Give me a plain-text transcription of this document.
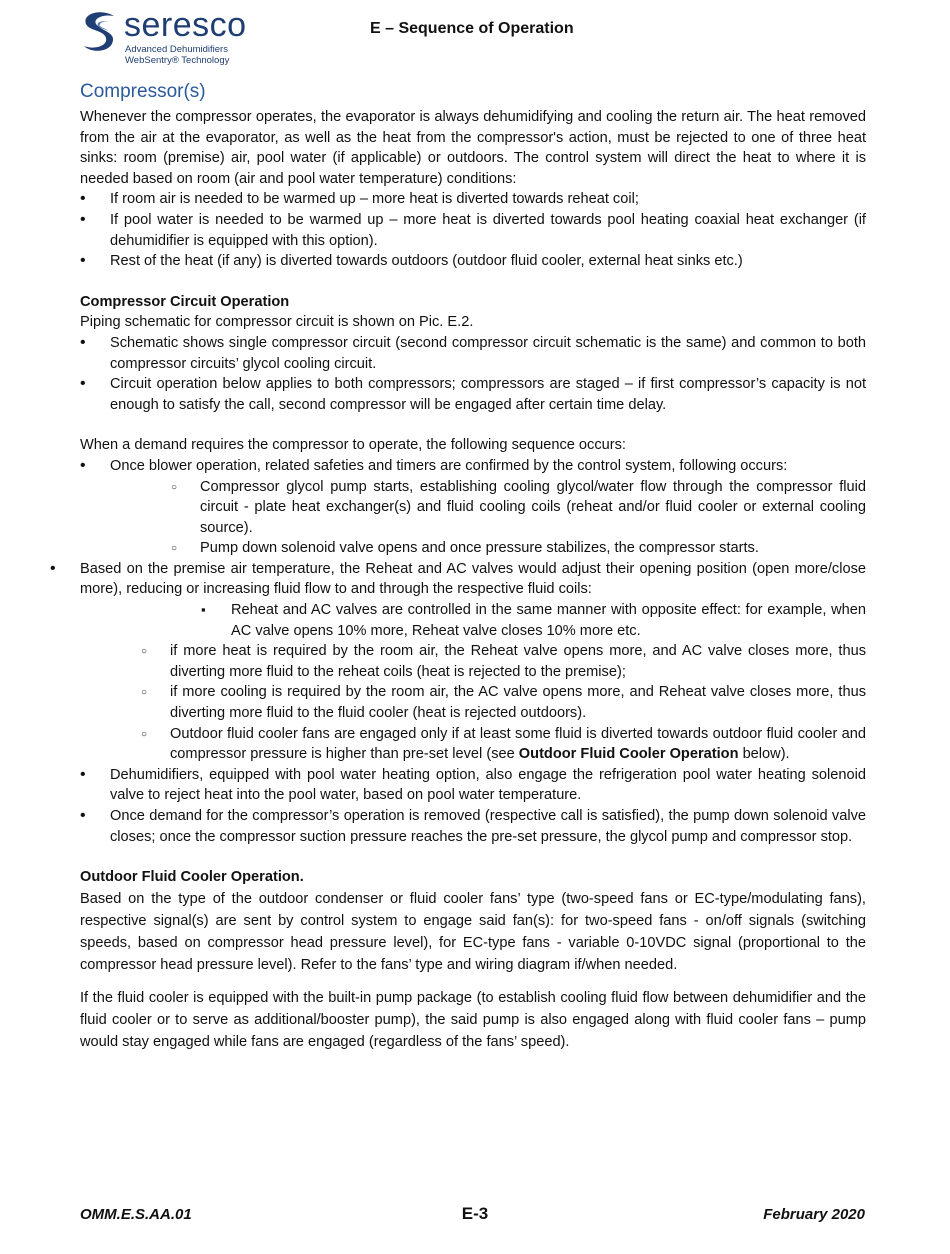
seresco
Advanced Dehumidifiers
WebSentry® Technology
E – Sequence of Operation
Compressor(s)

Whenever the compressor operates, the evaporator is always dehumidifying and cooling the return air. The heat removed from the air at the evaporator, as well as the heat from the compressor's action, must be rejected to one of three heat sinks: room (premise) air, pool water (if applicable) or outdoors. The control system will direct the heat to where it is needed based on room (air and pool water temperature) conditions:

• If room air is needed to be warmed up – more heat is diverted towards reheat coil;
• If pool water is needed to be warmed up – more heat is diverted towards pool heating coaxial heat exchanger (if dehumidifier is equipped with this option).
• Rest of the heat (if any) is diverted towards outdoors (outdoor fluid cooler, external heat sinks etc.)
Compressor Circuit Operation

Piping schematic for compressor circuit is shown on Pic. E.2.

• Schematic shows single compressor circuit (second compressor circuit schematic is the same) and common to both compressor circuits’ glycol cooling circuit.
• Circuit operation below applies to both compressors; compressors are staged – if first compressor’s capacity is not enough to satisfy the call, second compressor will be engaged after certain time delay.

When a demand requires the compressor to operate, the following sequence occurs:

• Once blower operation, related safeties and timers are confirmed by the control system, following occurs:
○ Compressor glycol pump starts, establishing cooling glycol/water flow through the compressor fluid circuit - plate heat exchanger(s) and fluid cooling coils (reheat and/or fluid cooler or external cooling source).
○ Pump down solenoid valve opens and once pressure stabilizes, the compressor starts.
• Based on the premise air temperature, the Reheat and AC valves would adjust their opening position (open more/close more), reducing or increasing fluid flow to and through the respective fluid coils:
▪ Reheat and AC valves are controlled in the same manner with opposite effect: for example, when AC valve opens 10% more, Reheat valve closes 10% more etc.
○ if more heat is required by the room air, the Reheat valve opens more, and AC valve closes more, thus diverting more fluid to the reheat coils (heat is rejected to the premise);
○ if more cooling is required by the room air, the AC valve opens more, and Reheat valve closes more, thus diverting more fluid to the fluid cooler (heat is rejected outdoors).
○ Outdoor fluid cooler fans are engaged only if at least some fluid is diverted towards outdoor fluid cooler and compressor pressure is higher than pre-set level (see Outdoor Fluid Cooler Operation below).
• Dehumidifiers, equipped with pool water heating option, also engage the refrigeration pool water heating solenoid valve to reject heat into the pool water, based on pool water temperature.
• Once demand for the compressor’s operation is removed (respective call is satisfied), the pump down solenoid valve closes; once the compressor suction pressure reaches the pre-set pressure, the glycol pump and compressor stop.
Outdoor Fluid Cooler Operation.

Based on the type of the outdoor condenser or fluid cooler fans’ type (two-speed fans or EC-type/modulating fans), respective signal(s) are sent by control system to engage said fan(s): for two-speed fans - on/off signals (switching speeds, based on compressor head pressure level), for EC-type fans - variable 0-10VDC signal (proportional to the compressor head pressure level). Refer to the fans’ type and wiring diagram if/when needed.

If the fluid cooler is equipped with the built-in pump package (to establish cooling fluid flow between dehumidifier and the fluid cooler or to serve as additional/booster pump), the said pump is also engaged along with fluid cooler fans – pump would stay engaged while fans are engaged (regardless of the fans’ speed).

OMM.E.S.AA.01	E-3	February 2020
